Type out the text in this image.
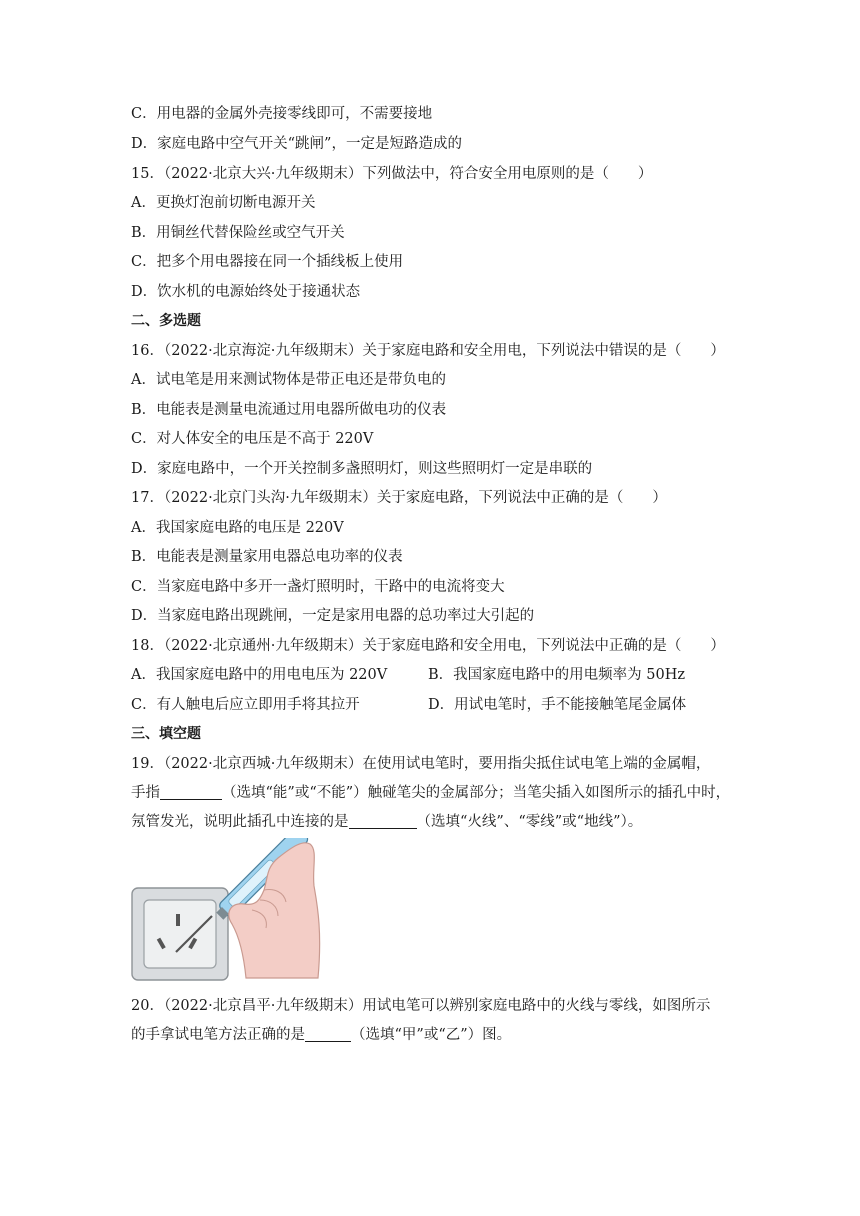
C．用电器的金属外壳接零线即可，不需要接地
D．家庭电路中空气开关“跳闸”，一定是短路造成的
15．（2022·北京大兴·九年级期末）下列做法中，符合安全用电原则的是（　　）
A．更换灯泡前切断电源开关
B．用铜丝代替保险丝或空气开关
C．把多个用电器接在同一个插线板上使用
D．饮水机的电源始终处于接通状态
二、多选题
16．（2022·北京海淀·九年级期末）关于家庭电路和安全用电，下列说法中错误的是（　　）
A．试电笔是用来测试物体是带正电还是带负电的
B．电能表是测量电流通过用电器所做电功的仪表
C．对人体安全的电压是不高于 220V
D．家庭电路中，一个开关控制多盏照明灯，则这些照明灯一定是串联的
17．（2022·北京门头沟·九年级期末）关于家庭电路，下列说法中正确的是（　　）
A．我国家庭电路的电压是 220V
B．电能表是测量家用电器总电功率的仪表
C．当家庭电路中多开一盏灯照明时，干路中的电流将变大
D．当家庭电路出现跳闸，一定是家用电器的总功率过大引起的
18．（2022·北京通州·九年级期末）关于家庭电路和安全用电，下列说法中正确的是（　　）
A．我国家庭电路中的用电电压为 220V	B．我国家庭电路中的用电频率为 50Hz
C．有人触电后应立即用手将其拉开	D．用试电笔时，手不能接触笔尾金属体
三、填空题
19．（2022·北京西城·九年级期末）在使用试电笔时，要用指尖抵住试电笔上端的金属帽，
手指	（选填“能”或“不能”）触碰笔尖的金属部分；当笔尖插入如图所示的插孔中时，
氖管发光，说明此插孔中连接的是	（选填“火线”、“零线”或“地线”）。
20．（2022·北京昌平·九年级期末）用试电笔可以辨别家庭电路中的火线与零线，如图所示
的手拿试电笔方法正确的是	（选填“甲”或“乙”）图。
